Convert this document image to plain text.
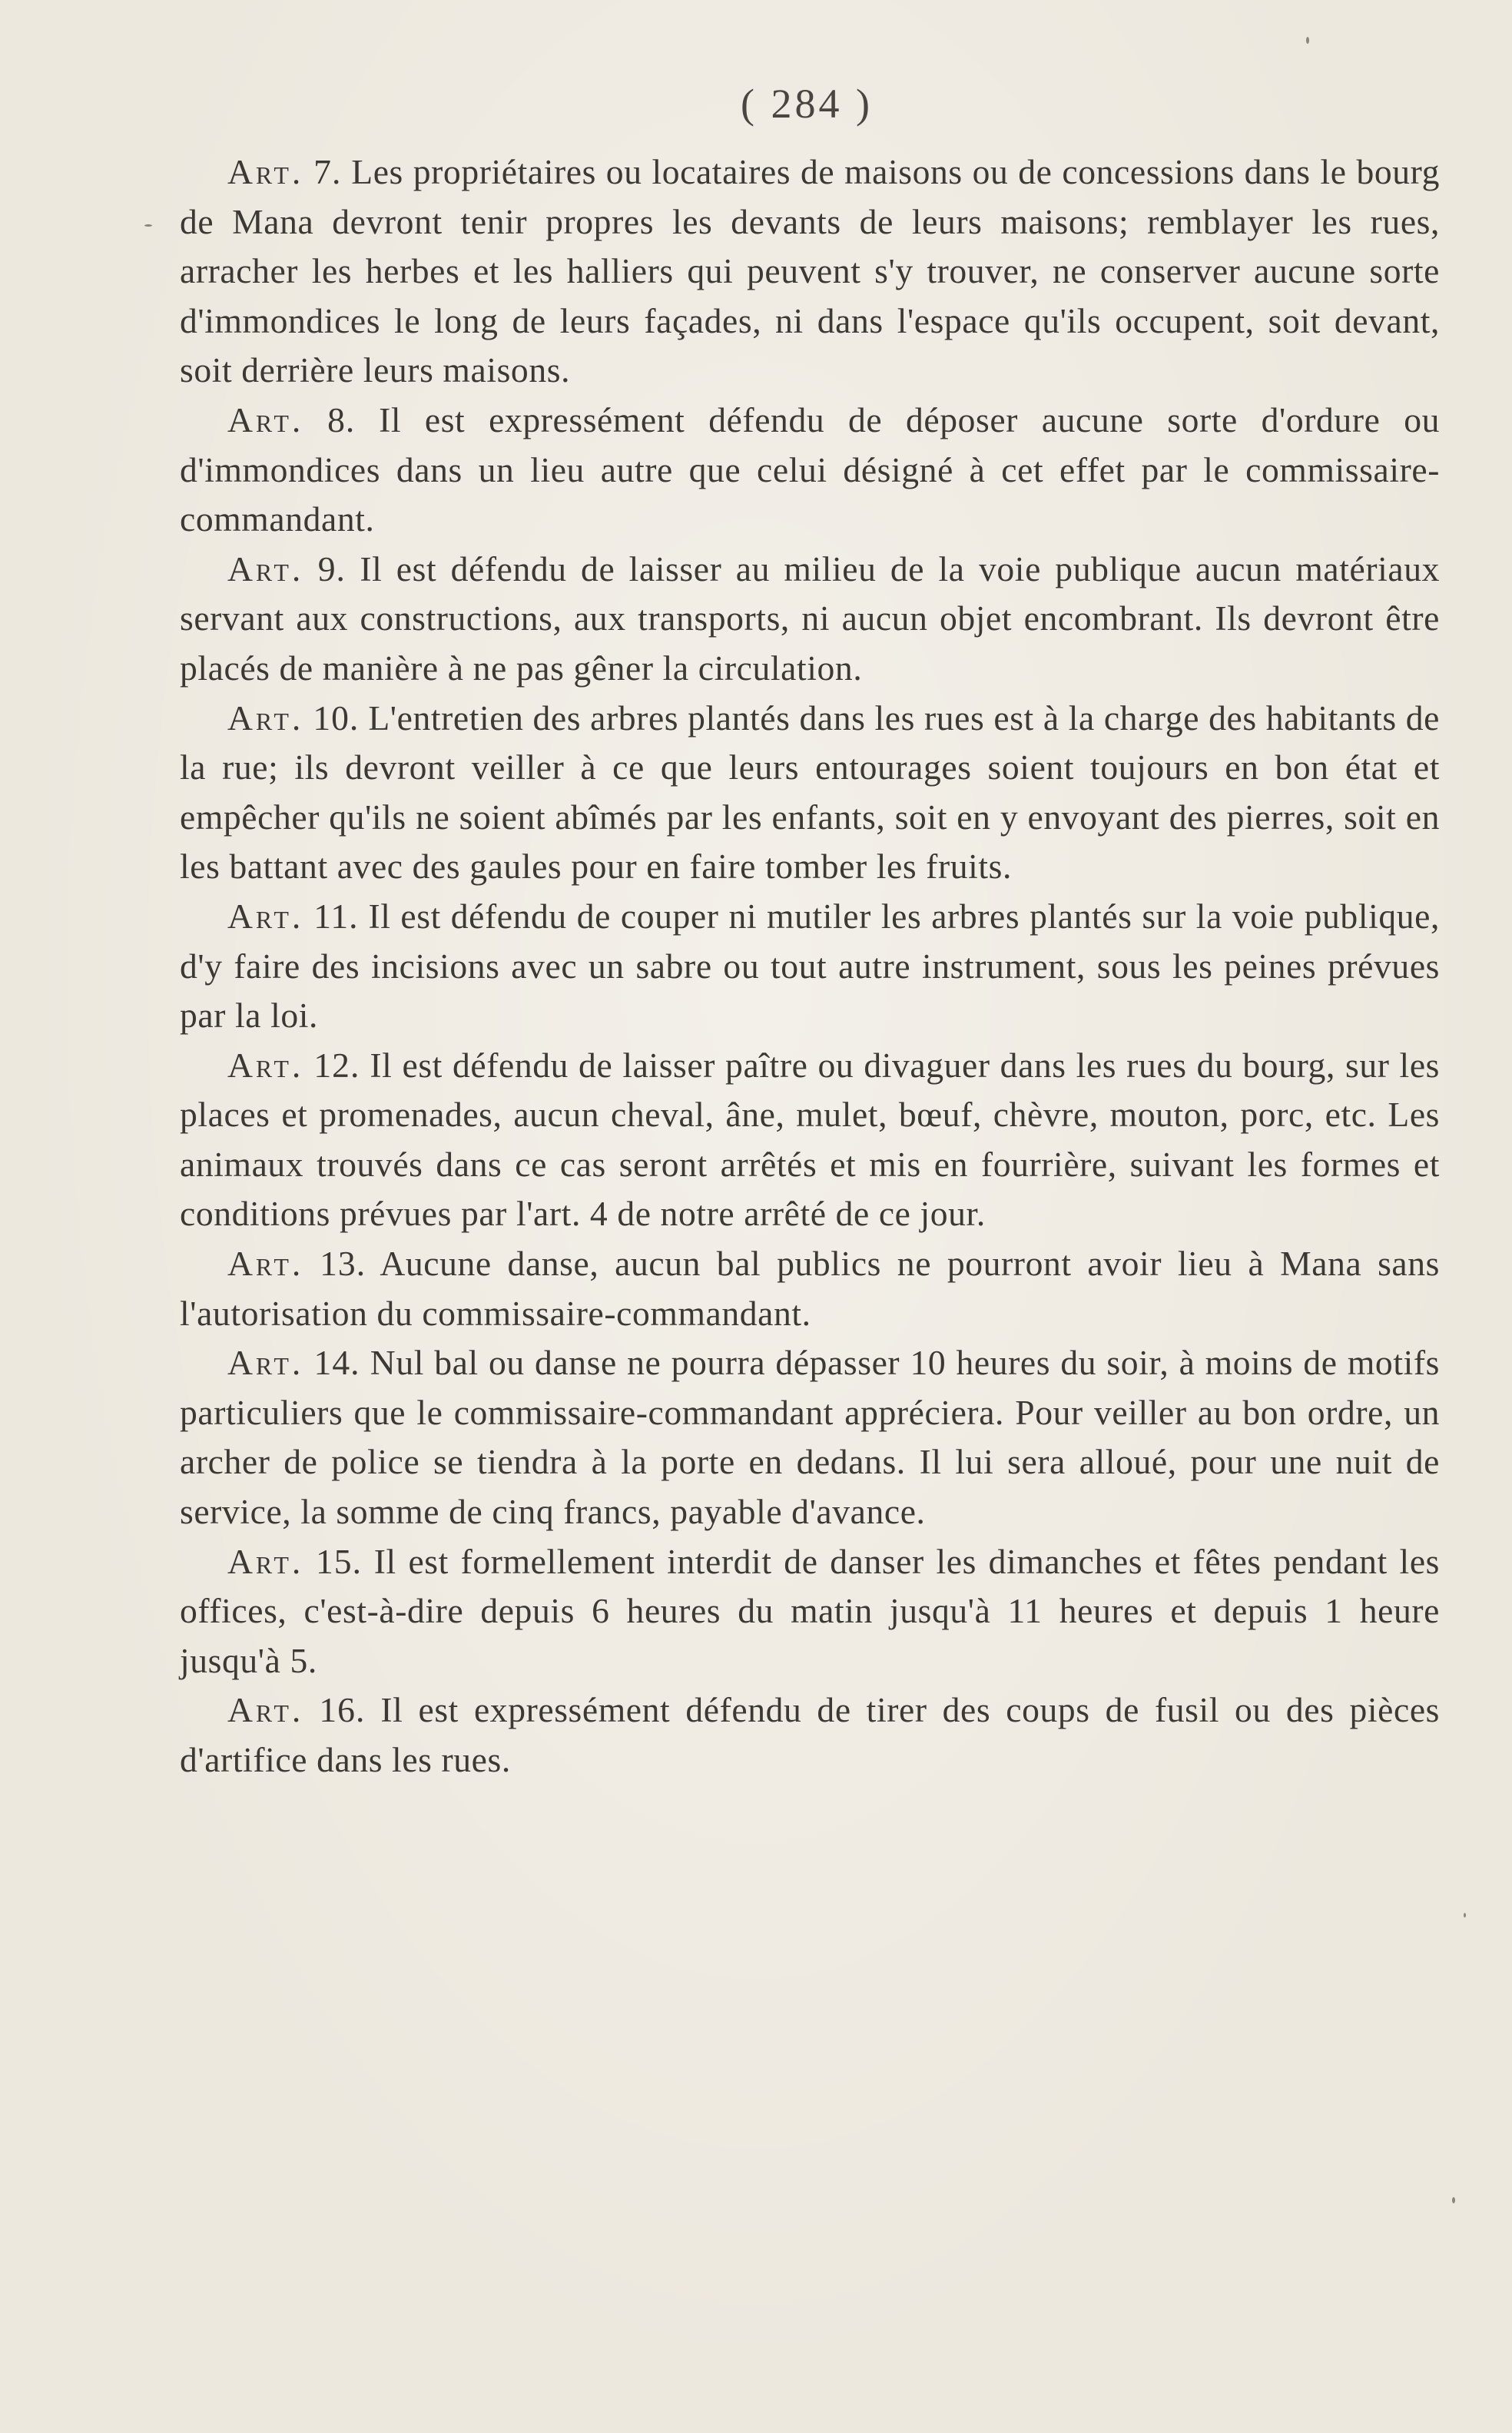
( 284 )

Art. 7. Les propriétaires ou locataires de maisons ou de concessions dans le bourg de Mana devront tenir propres les devants de leurs maisons; remblayer les rues, arracher les herbes et les halliers qui peuvent s'y trouver, ne conserver aucune sorte d'immondices le long de leurs façades, ni dans l'espace qu'ils occupent, soit devant, soit derrière leurs maisons.

Art. 8. Il est expressément défendu de déposer aucune sorte d'ordure ou d'immondices dans un lieu autre que celui désigné à cet effet par le commissaire-commandant.

Art. 9. Il est défendu de laisser au milieu de la voie publique aucun matériaux servant aux constructions, aux transports, ni aucun objet encombrant. Ils devront être placés de manière à ne pas gêner la circulation.

Art. 10. L'entretien des arbres plantés dans les rues est à la charge des habitants de la rue; ils devront veiller à ce que leurs entourages soient toujours en bon état et empêcher qu'ils ne soient abîmés par les enfants, soit en y envoyant des pierres, soit en les battant avec des gaules pour en faire tomber les fruits.

Art. 11. Il est défendu de couper ni mutiler les arbres plantés sur la voie publique, d'y faire des incisions avec un sabre ou tout autre instrument, sous les peines prévues par la loi.

Art. 12. Il est défendu de laisser paître ou divaguer dans les rues du bourg, sur les places et promenades, aucun cheval, âne, mulet, bœuf, chèvre, mouton, porc, etc. Les animaux trouvés dans ce cas seront arrêtés et mis en fourrière, suivant les formes et conditions prévues par l'art. 4 de notre arrêté de ce jour.

Art. 13. Aucune danse, aucun bal publics ne pourront avoir lieu à Mana sans l'autorisation du commissaire-commandant.

Art. 14. Nul bal ou danse ne pourra dépasser 10 heures du soir, à moins de motifs particuliers que le commissaire-commandant appréciera. Pour veiller au bon ordre, un archer de police se tiendra à la porte en dedans. Il lui sera alloué, pour une nuit de service, la somme de cinq francs, payable d'avance.

Art. 15. Il est formellement interdit de danser les dimanches et fêtes pendant les offices, c'est-à-dire depuis 6 heures du matin jusqu'à 11 heures et depuis 1 heure jusqu'à 5.

Art. 16. Il est expressément défendu de tirer des coups de fusil ou des pièces d'artifice dans les rues.
